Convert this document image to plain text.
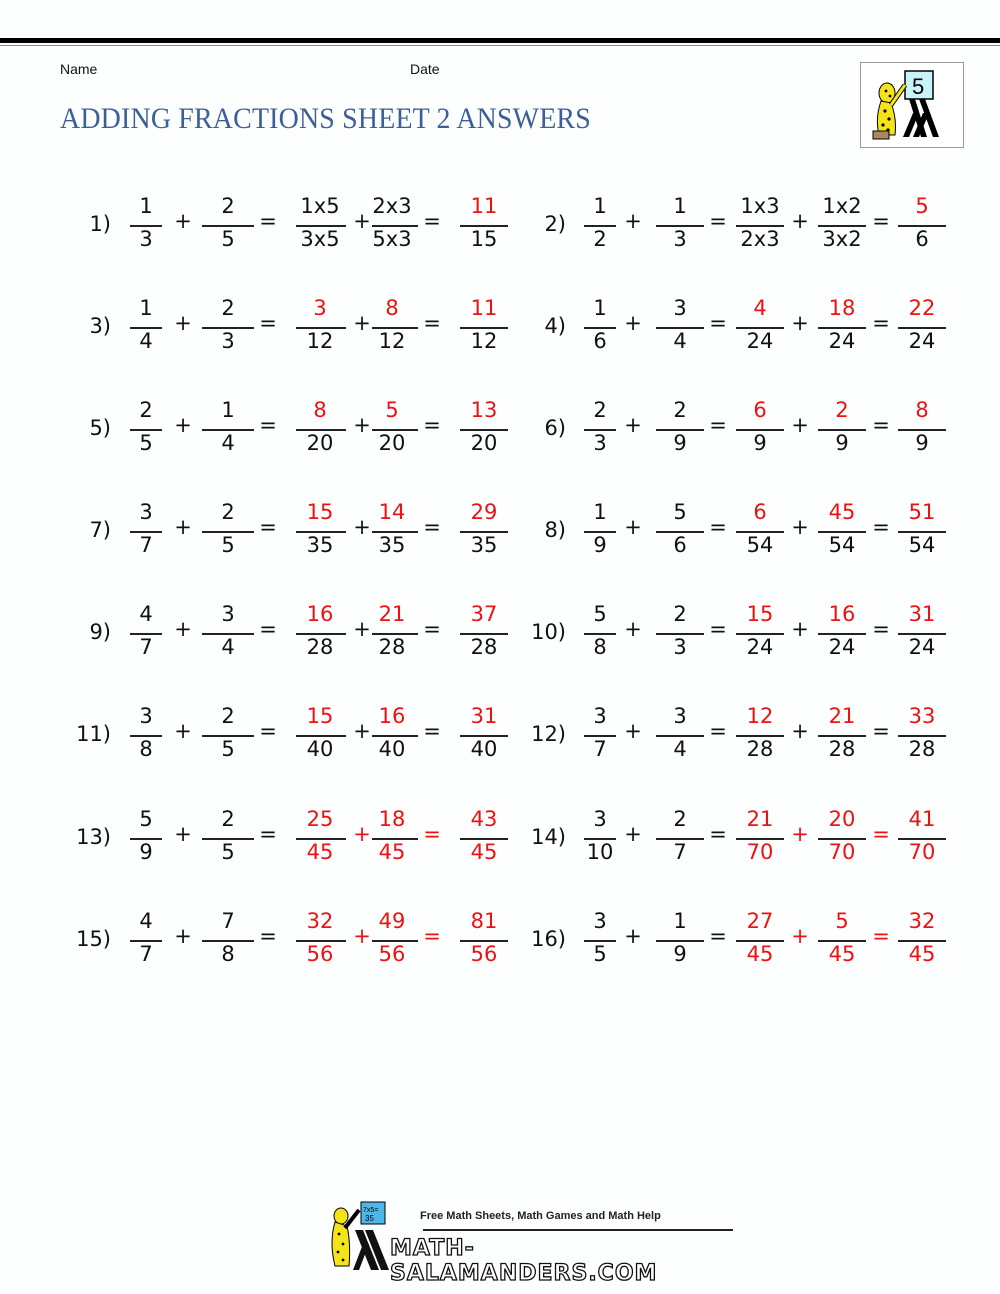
Name	Date
ADDING FRACTIONS SHEET 2 ANSWERS
5
1)
1
3
+
2
5
=
1x5
3x5
+
2x3
5x3
=
11
15
2)
1
2
+
1
3
=
1x3
2x3
+
1x2
3x2
=
5
6
3)
1
4
+
2
3
=
3
12
+
8
12
=
11
12
4)
1
6
+
3
4
=
4
24
+
18
24
=
22
24
5)
2
5
+
1
4
=
8
20
+
5
20
=
13
20
6)
2
3
+
2
9
=
6
9
+
2
9
=
8
9
7)
3
7
+
2
5
=
15
35
+
14
35
=
29
35
8)
1
9
+
5
6
=
6
54
+
45
54
=
51
54
9)
4
7
+
3
4
=
16
28
+
21
28
=
37
28
10)
5
8
+
2
3
=
15
24
+
16
24
=
31
24
11)
3
8
+
2
5
=
15
40
+
16
40
=
31
40
12)
3
7
+
3
4
=
12
28
+
21
28
=
33
28
13)
5
9
+
2
5
=
25
45
+
18
45
=
43
45
14)
3
10
+
2
7
=
21
70
+
20
70
=
41
70
15)
4
7
+
7
8
=
32
56
+
49
56
=
81
56
16)
3
5
+
1
9
=
27
45
+
5
45
=
32
45
7x5=
35	Free Math Sheets, Math Games and Math Help
MATH-SALAMANDERS.COM
